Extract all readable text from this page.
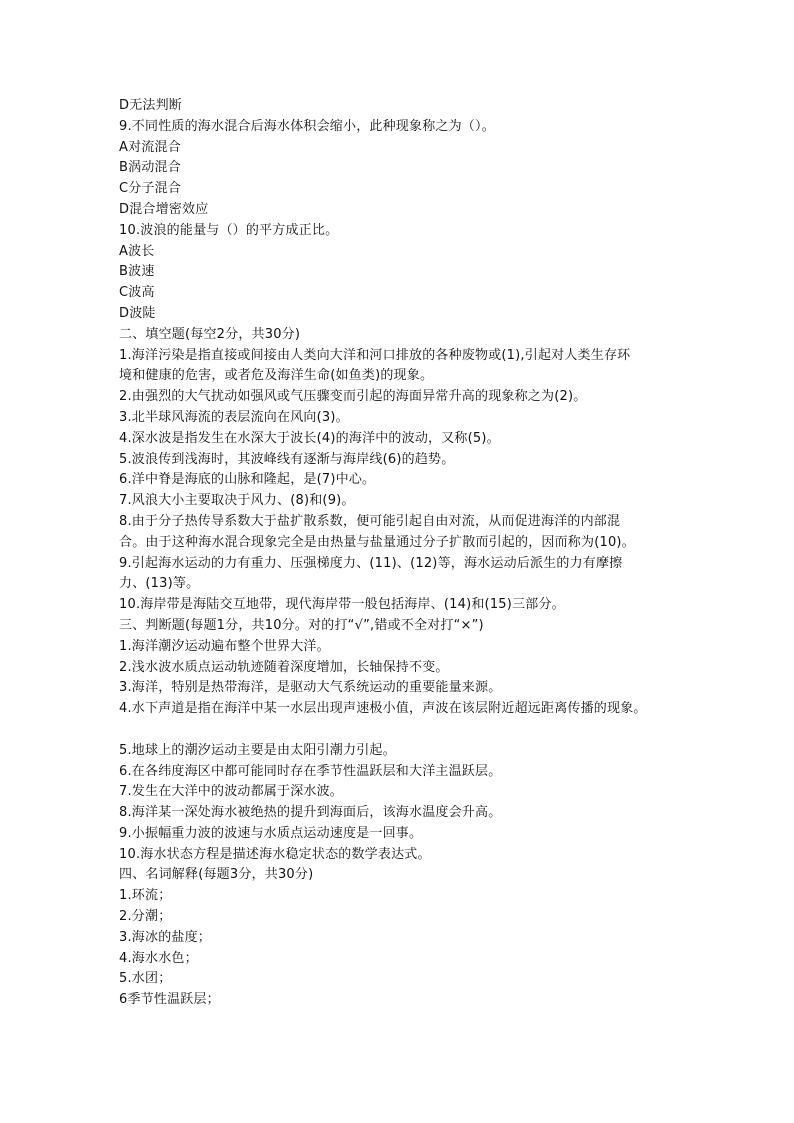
D无法判断
9.不同性质的海水混合后海水体积会缩小，此种现象称之为（）。
A对流混合
B涡动混合
C分子混合
D混合增密效应
10.波浪的能量与（）的平方成正比。
A波长
B波速
C波高
D波陡
二、填空题(每空2分，共30分)
1.海洋污染是指直接或间接由人类向大洋和河口排放的各种废物或(1),引起对人类生存环
境和健康的危害，或者危及海洋生命(如鱼类)的现象。
2.由强烈的大气扰动如强风或气压骤变而引起的海面异常升高的现象称之为(2)。
3.北半球风海流的表层流向在风向(3)。
4.深水波是指发生在水深大于波长(4)的海洋中的波动，又称(5)。
5.波浪传到浅海时，其波峰线有逐渐与海岸线(6)的趋势。
6.洋中脊是海底的山脉和隆起，是(7)中心。
7.风浪大小主要取决于风力、(8)和(9)。
8.由于分子热传导系数大于盐扩散系数，便可能引起自由对流，从而促进海洋的内部混
合。由于这种海水混合现象完全是由热量与盐量通过分子扩散而引起的，因而称为(10)。
9.引起海水运动的力有重力、压强梯度力、(11)、(12)等，海水运动后派生的力有摩擦
力、(13)等。
10.海岸带是海陆交互地带，现代海岸带一般包括海岸、(14)和(15)三部分。
三、判断题(每题1分，共10分。对的打“√”,错或不全对打“×”)
1.海洋潮汐运动遍布整个世界大洋。
2.浅水波水质点运动轨迹随着深度增加，长轴保持不变。
3.海洋，特别是热带海洋，是驱动大气系统运动的重要能量来源。
4.水下声道是指在海洋中某一水层出现声速极小值，声波在该层附近超远距离传播的现象。
5.地球上的潮汐运动主要是由太阳引潮力引起。
6.在各纬度海区中都可能同时存在季节性温跃层和大洋主温跃层。
7.发生在大洋中的波动都属于深水波。
8.海洋某一深处海水被绝热的提升到海面后，该海水温度会升高。
9.小振幅重力波的波速与水质点运动速度是一回事。
10.海水状态方程是描述海水稳定状态的数学表达式。
四、名词解释(每题3分，共30分)
1.环流；
2.分潮；
3.海冰的盐度；
4.海水水色；
5.水团；
6季节性温跃层；
